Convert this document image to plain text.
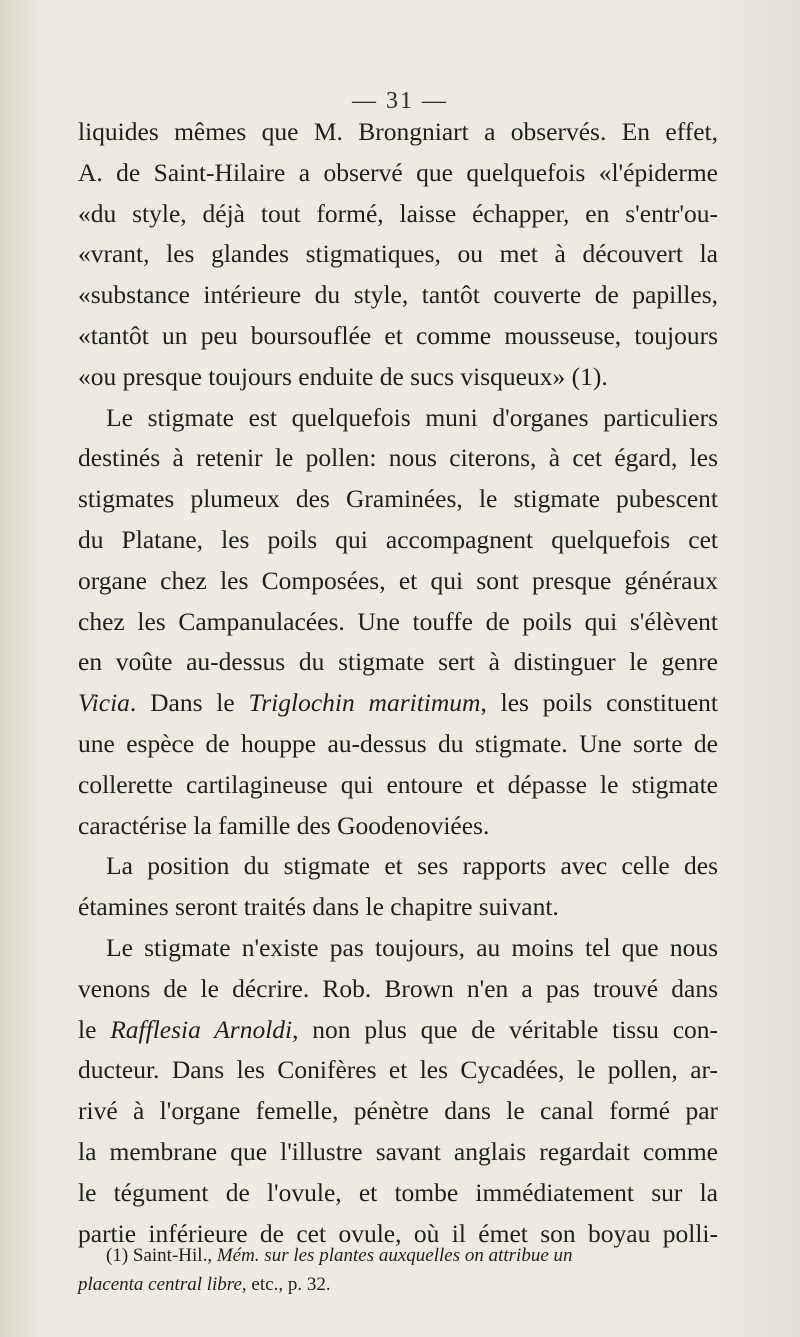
— 31 —
liquides mêmes que M. Brongniart a observés. En effet,
A. de Saint-Hilaire a observé que quelquefois «l'épiderme
«du style, déjà tout formé, laisse échapper, en s'entr'ou-
«vrant, les glandes stigmatiques, ou met à découvert la
«substance intérieure du style, tantôt couverte de papilles,
«tantôt un peu boursouflée et comme mousseuse, toujours
«ou presque toujours enduite de sucs visqueux» (1).
Le stigmate est quelquefois muni d'organes particuliers
destinés à retenir le pollen: nous citerons, à cet égard, les
stigmates plumeux des Graminées, le stigmate pubescent
du Platane, les poils qui accompagnent quelquefois cet
organe chez les Composées, et qui sont presque généraux
chez les Campanulacées. Une touffe de poils qui s'élèvent
en voûte au-dessus du stigmate sert à distinguer le genre
Vicia. Dans le Triglochin maritimum, les poils constituent
une espèce de houppe au-dessus du stigmate. Une sorte de
collerette cartilagineuse qui entoure et dépasse le stigmate
caractérise la famille des Goodenoviées.
La position du stigmate et ses rapports avec celle des
étamines seront traités dans le chapitre suivant.
Le stigmate n'existe pas toujours, au moins tel que nous
venons de le décrire. Rob. Brown n'en a pas trouvé dans
le Rafflesia Arnoldi, non plus que de véritable tissu con-
ducteur. Dans les Conifères et les Cycadées, le pollen, ar-
rivé à l'organe femelle, pénètre dans le canal formé par
la membrane que l'illustre savant anglais regardait comme
le tégument de l'ovule, et tombe immédiatement sur la
partie inférieure de cet ovule, où il émet son boyau polli-
(1) Saint-Hil., Mém. sur les plantes auxquelles on attribue un
placenta central libre, etc., p. 32.
